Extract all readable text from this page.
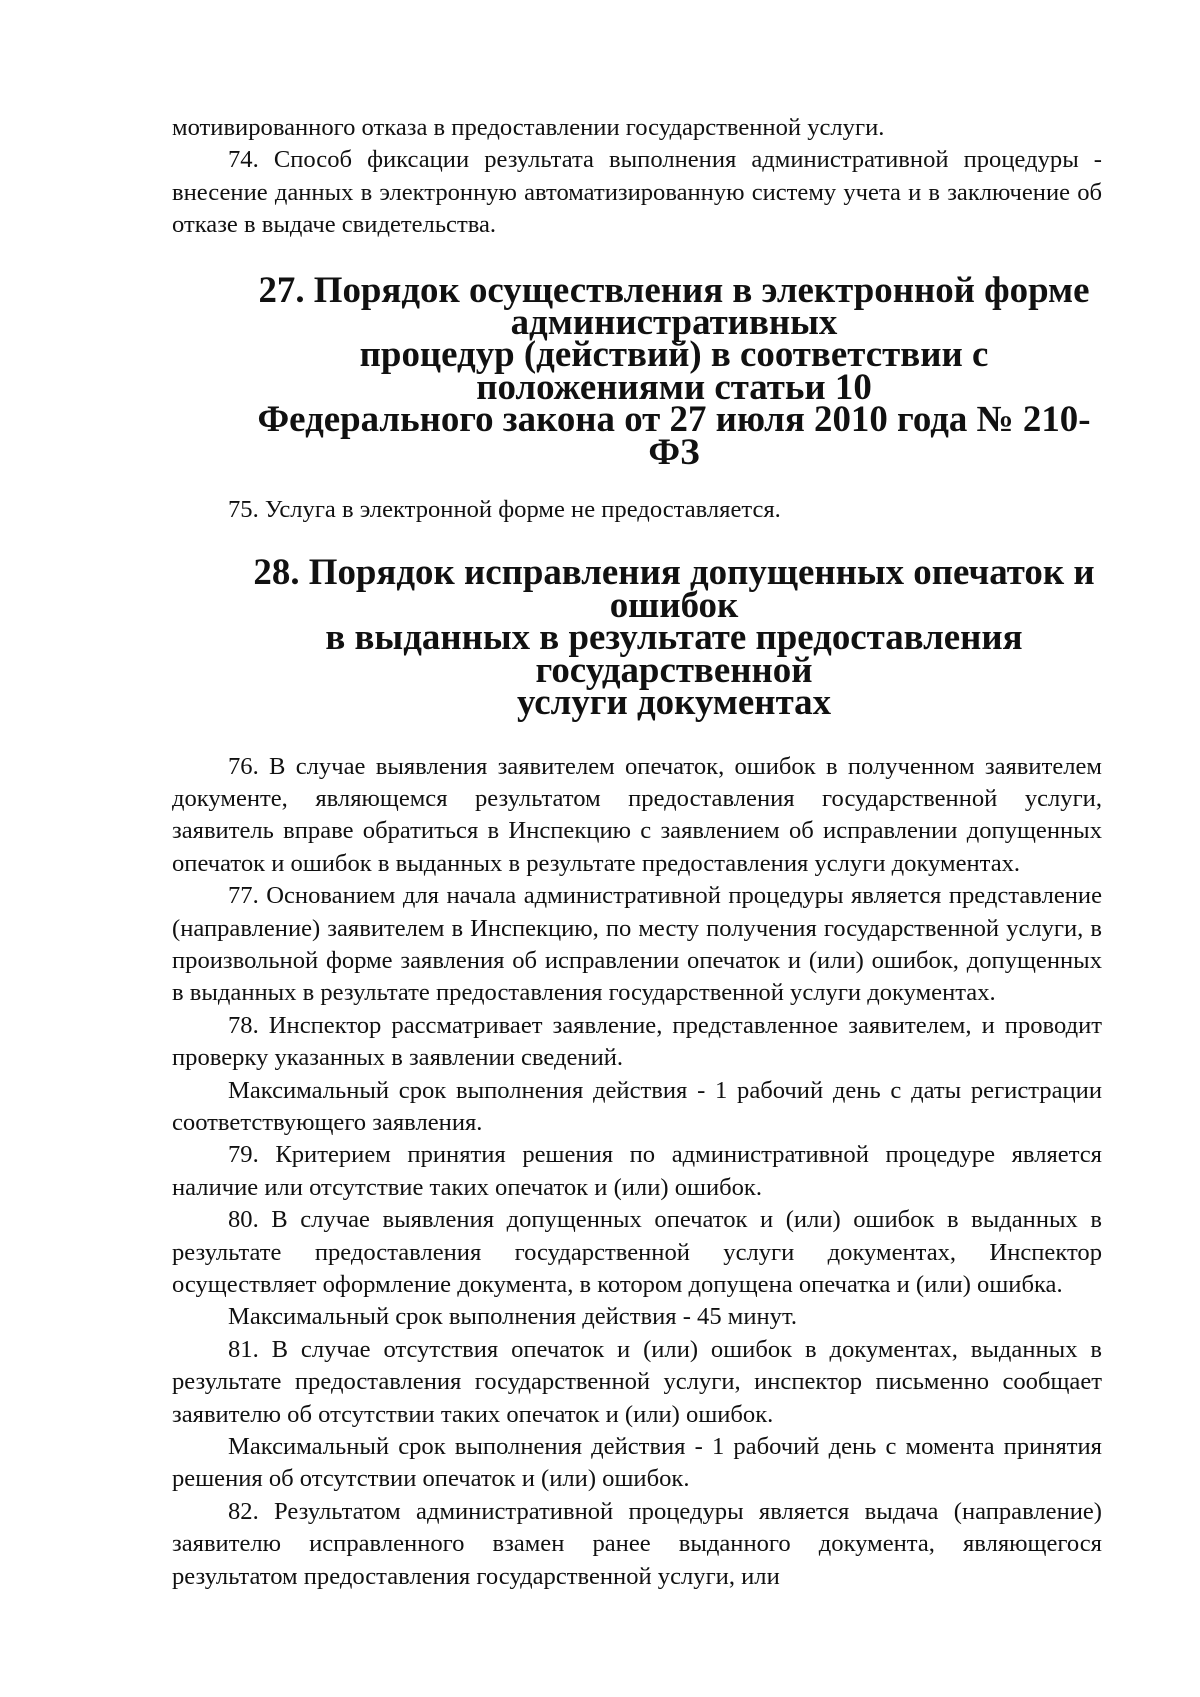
мотивированного отказа в предоставлении государственной услуги.

74. Способ фиксации результата выполнения административной процедуры - внесение данных в электронную автоматизированную систему учета и в заключение об отказе в выдаче свидетельства.

27. Порядок осуществления в электронной форме
административных
процедур (действий) в соответствии с положениями статьи 10
Федерального закона от 27 июля 2010 года № 210-ФЗ

75. Услуга в электронной форме не предоставляется.

28. Порядок исправления допущенных опечаток и ошибок
в выданных в результате предоставления государственной
услуги документах

76. В случае выявления заявителем опечаток, ошибок в полученном заявителем документе, являющемся результатом предоставления государственной услуги, заявитель вправе обратиться в Инспекцию с заявлением об исправлении допущенных опечаток и ошибок в выданных в результате предоставления услуги документах.

77. Основанием для начала административной процедуры является представление (направление) заявителем в Инспекцию, по месту получения государственной услуги, в произвольной форме заявления об исправлении опечаток и (или) ошибок, допущенных в выданных в результате предоставления государственной услуги документах.

78. Инспектор рассматривает заявление, представленное заявителем, и проводит проверку указанных в заявлении сведений.

Максимальный срок выполнения действия - 1 рабочий день с даты регистрации соответствующего заявления.

79. Критерием принятия решения по административной процедуре является наличие или отсутствие таких опечаток и (или) ошибок.

80. В случае выявления допущенных опечаток и (или) ошибок в выданных в результате предоставления государственной услуги документах, Инспектор осуществляет оформление документа, в котором допущена опечатка и (или) ошибка.

Максимальный срок выполнения действия - 45 минут.

81. В случае отсутствия опечаток и (или) ошибок в документах, выданных в результате предоставления государственной услуги, инспектор письменно сообщает заявителю об отсутствии таких опечаток и (или) ошибок.

Максимальный срок выполнения действия - 1 рабочий день с момента принятия решения об отсутствии опечаток и (или) ошибок.

82. Результатом административной процедуры является выдача (направление) заявителю исправленного взамен ранее выданного документа, являющегося результатом предоставления государственной услуги, или
